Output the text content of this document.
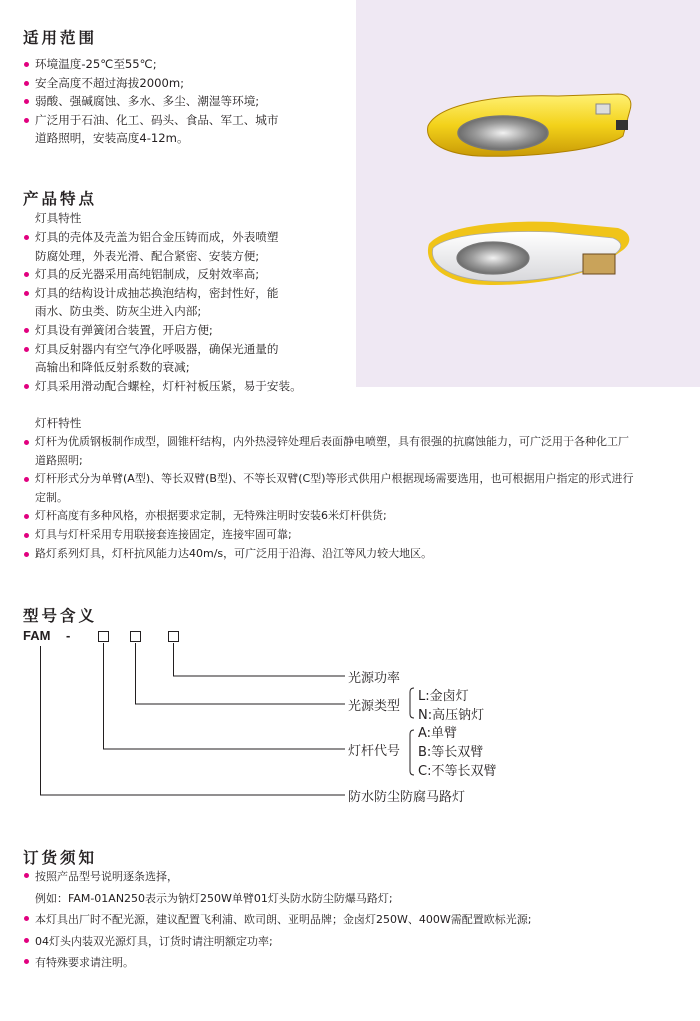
适用范围
环境温度-25℃至55℃;
安全高度不超过海拔2000m;
弱酸、强碱腐蚀、多水、多尘、潮湿等环境;
广泛用于石油、化工、码头、食品、军工、城市
道路照明，安装高度4-12m。
产品特点
灯具特性
灯具的壳体及壳盖为铝合金压铸而成，外表喷塑
防腐处理，外表光滑、配合紧密、安装方便;
灯具的反光器采用高纯铝制成，反射效率高;
灯具的结构设计成抽芯换泡结构，密封性好，能
雨水、防虫类、防灰尘进入内部;
灯具设有弹簧闭合装置，开启方便;
灯具反射器内有空气净化呼吸器，确保光通量的
高输出和降低反射系数的衰减;
灯具采用滑动配合螺栓，灯杆衬板压紧，易于安装。
灯杆特性
灯杆为优质钢板制作成型，圆锥杆结构，内外热浸锌处理后表面静电喷塑，具有很强的抗腐蚀能力，可广泛用于各种化工厂
道路照明;
灯杆形式分为单臂(A型)、等长双臂(B型)、不等长双臂(C型)等形式供用户根据现场需要选用，也可根据用户指定的形式进行
定制。
灯杆高度有多种风格，亦根据要求定制，无特殊注明时安装6米灯杆供货;
灯具与灯杆采用专用联接套连接固定，连接牢固可靠;
路灯系列灯具，灯杆抗风能力达40m/s，可广泛用于沿海、沿江等风力较大地区。
型号含义
FAM -
光源功率
光源类型
L:金卤灯
N:高压钠灯
灯杆代号
A:单臂
B:等长双臂
C:不等长双臂
防水防尘防腐马路灯
订货须知
按照产品型号说明逐条选择，
例如：FAM-01AN250表示为钠灯250W单臂01灯头防水防尘防爆马路灯;
本灯具出厂时不配光源，建议配置飞利浦、欧司朗、亚明品牌；金卤灯250W、400W需配置欧标光源;
04灯头内装双光源灯具，订货时请注明额定功率;
有特殊要求请注明。
